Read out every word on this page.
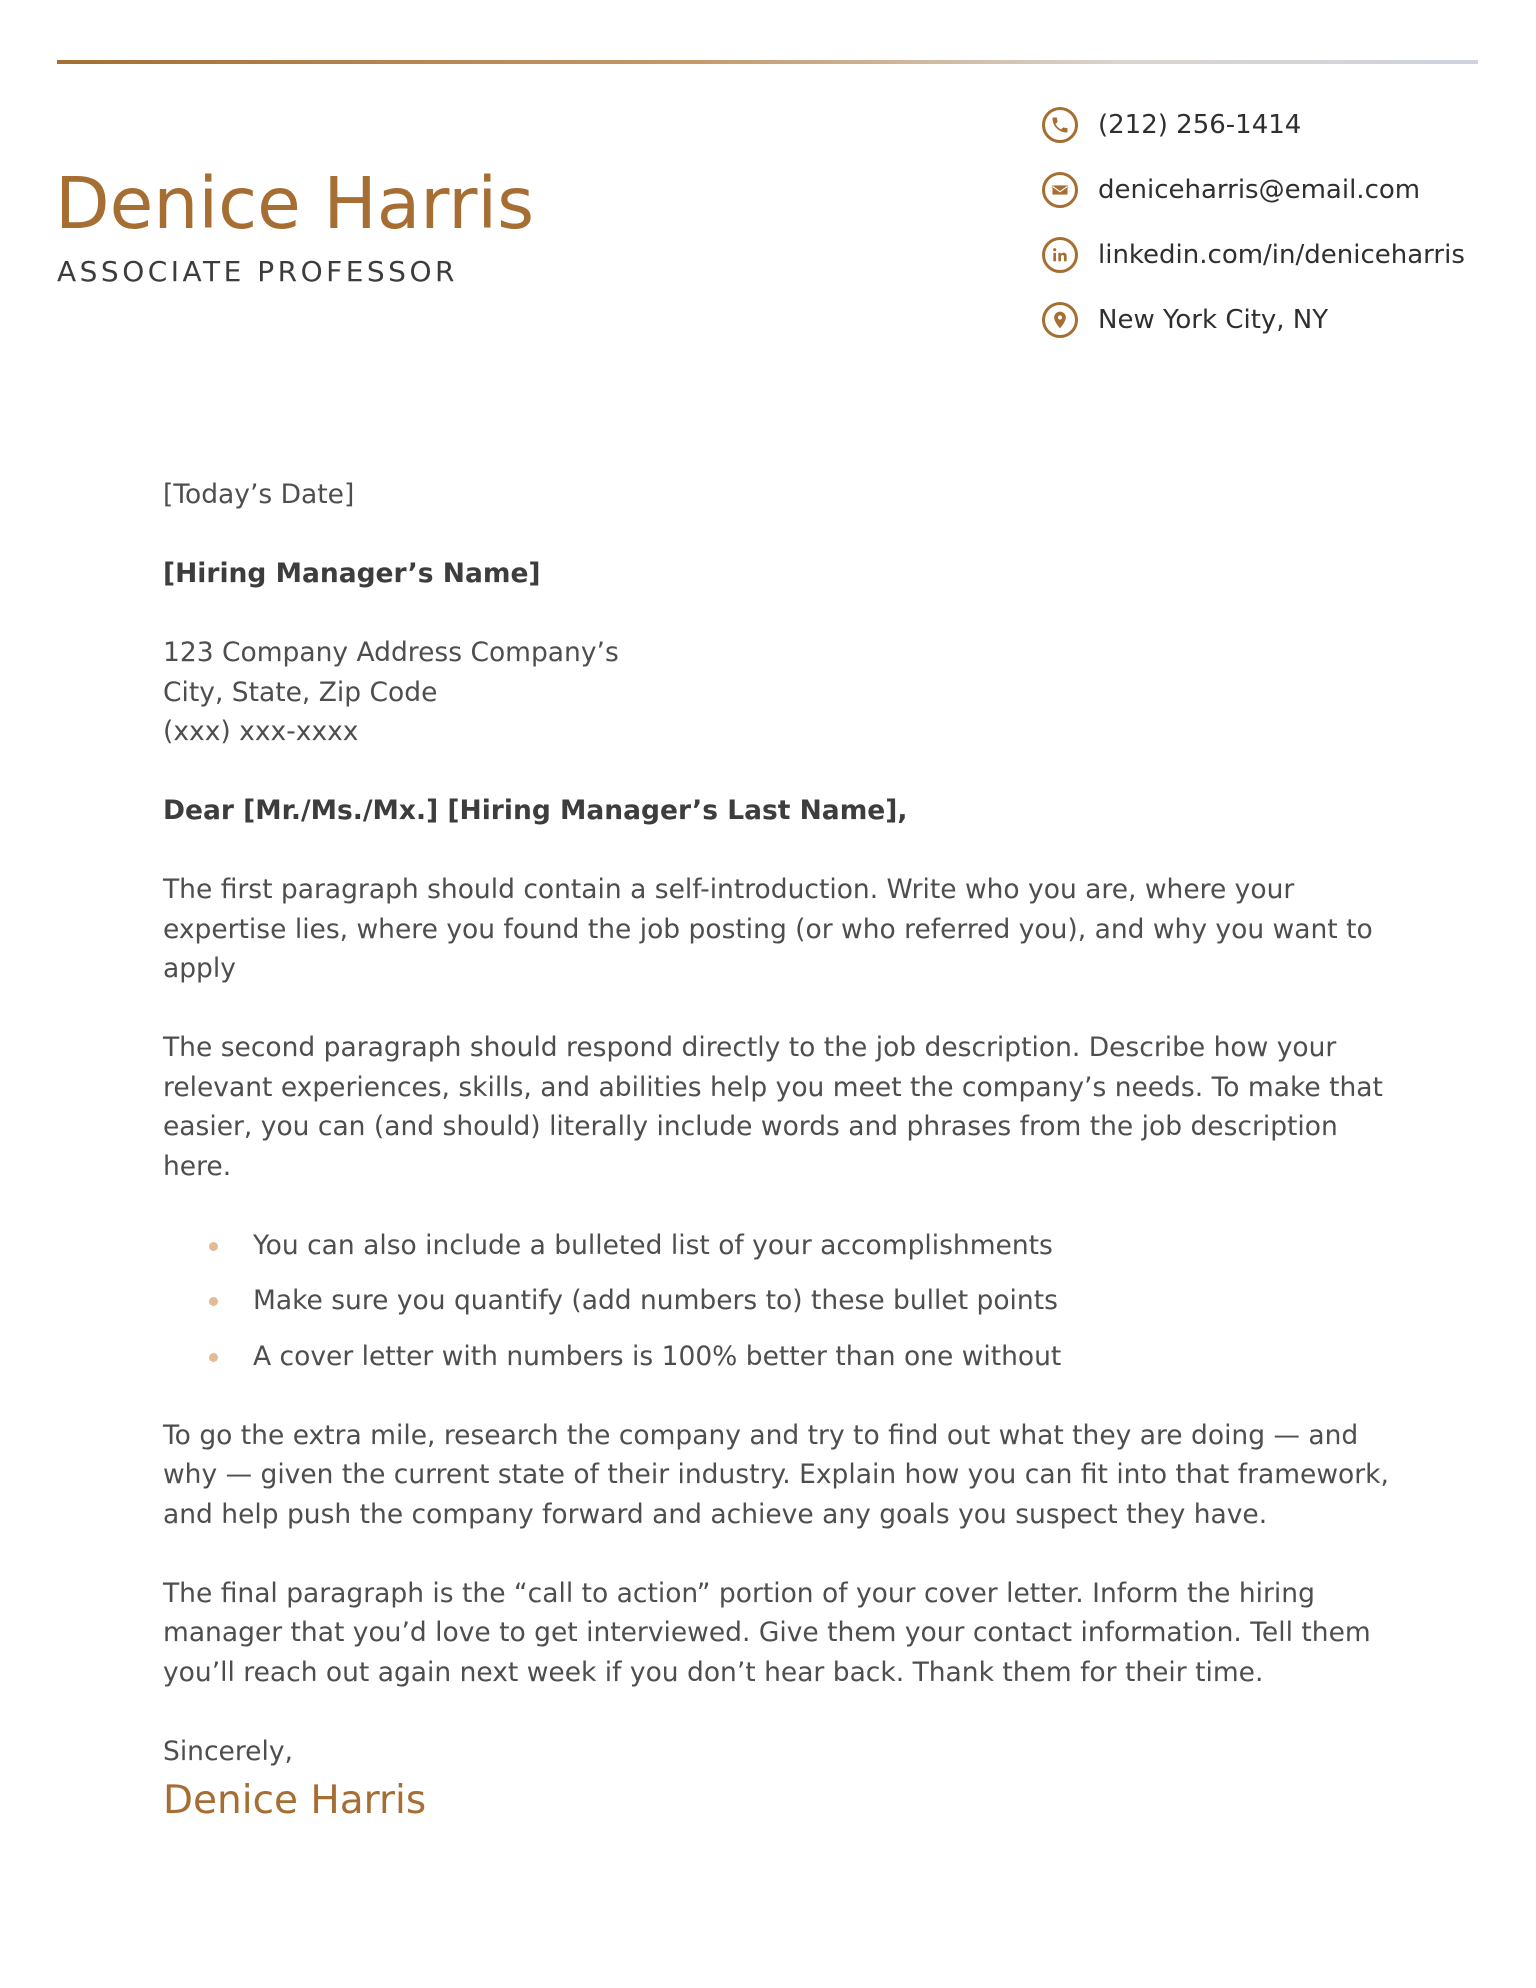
Denice Harris
ASSOCIATE PROFESSOR
(212) 256-1414
deniceharris@email.com
linkedin.com/in/deniceharris
New York City, NY

[Today’s Date]

[Hiring Manager’s Name]

123 Company Address Company’s
City, State, Zip Code
(xxx) xxx-xxxx

Dear [Mr./Ms./Mx.] [Hiring Manager’s Last Name],

The first paragraph should contain a self-introduction. Write who you are, where your expertise lies, where you found the job posting (or who referred you), and why you want to apply

The second paragraph should respond directly to the job description. Describe how your relevant experiences, skills, and abilities help you meet the company’s needs. To make that easier, you can (and should) literally include words and phrases from the job description here.

You can also include a bulleted list of your accomplishments
Make sure you quantify (add numbers to) these bullet points
A cover letter with numbers is 100% better than one without

To go the extra mile, research the company and try to find out what they are doing — and why — given the current state of their industry. Explain how you can fit into that framework, and help push the company forward and achieve any goals you suspect they have.

The final paragraph is the “call to action” portion of your cover letter. Inform the hiring manager that you’d love to get interviewed. Give them your contact information. Tell them you’ll reach out again next week if you don’t hear back. Thank them for their time.

Sincerely,

Denice Harris
